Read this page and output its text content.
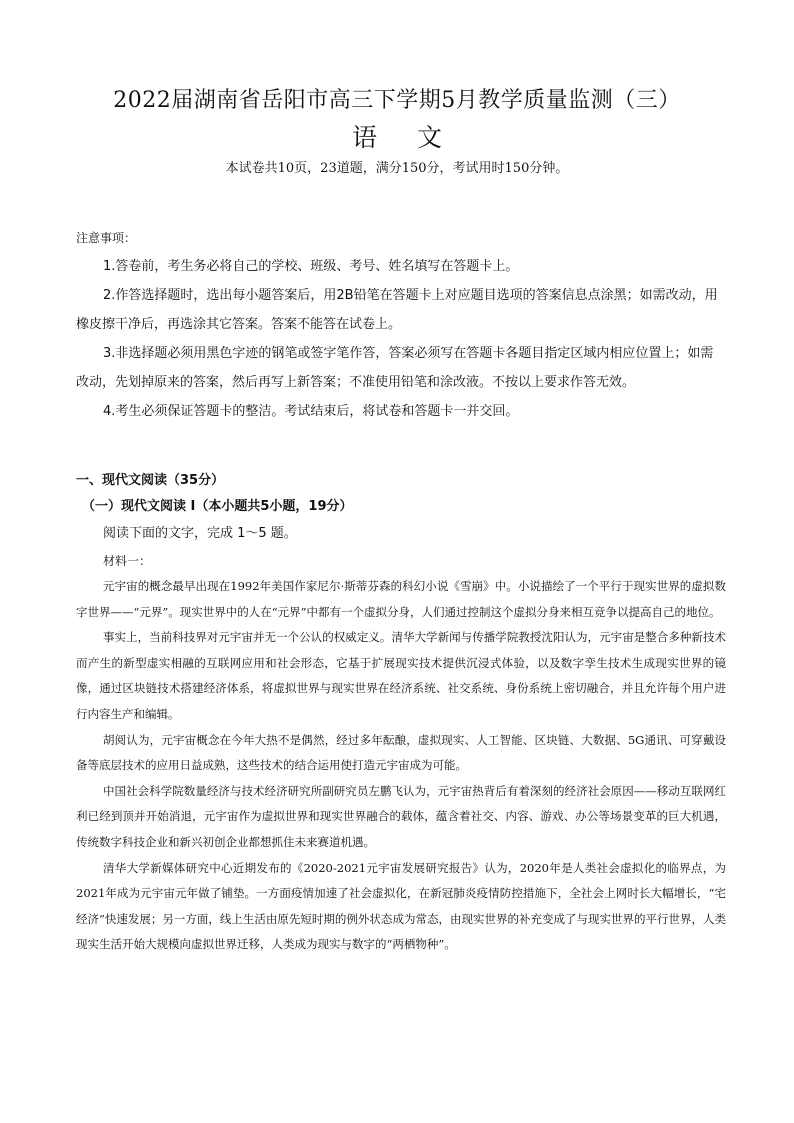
2022届湖南省岳阳市高三下学期5月教学质量监测（三）
语文
本试卷共10页，23道题，满分150分，考试用时150分钟。
注意事项：

1.答卷前，考生务必将自己的学校、班级、考号、姓名填写在答题卡上。

2.作答选择题时，选出每小题答案后，用2B铅笔在答题卡上对应题目选项的答案信息点涂黑；如需改动，用橡皮擦干净后，再选涂其它答案。答案不能答在试卷上。

3.非选择题必须用黑色字迹的钢笔或签字笔作答，答案必须写在答题卡各题目指定区域内相应位置上；如需改动，先划掉原来的答案，然后再写上新答案；不准使用铅笔和涂改液。不按以上要求作答无效。

4.考生必须保证答题卡的整洁。考试结束后，将试卷和答题卡一并交回。

一、现代文阅读（35分）
（一）现代文阅读 I（本小题共5小题，19分）
阅读下面的文字，完成 1～5 题。
材料一：

元宇宙的概念最早出现在1992年美国作家尼尔·斯蒂芬森的科幻小说《雪崩》中。小说描绘了一个平行于现实世界的虚拟数字世界——“元界”。现实世界中的人在“元界”中都有一个虚拟分身，人们通过控制这个虚拟分身来相互竞争以提高自己的地位。

事实上，当前科技界对元宇宙并无一个公认的权威定义。清华大学新闻与传播学院教授沈阳认为，元宇宙是整合多种新技术而产生的新型虚实相融的互联网应用和社会形态，它基于扩展现实技术提供沉浸式体验，以及数字孪生技术生成现实世界的镜像，通过区块链技术搭建经济体系，将虚拟世界与现实世界在经济系统、社交系统、身份系统上密切融合，并且允许每个用户进行内容生产和编辑。

胡阅认为，元宇宙概念在今年大热不是偶然，经过多年酝酿，虚拟现实、人工智能、区块链、大数据、5G通讯、可穿戴设备等底层技术的应用日益成熟，这些技术的结合运用使打造元宇宙成为可能。

中国社会科学院数量经济与技术经济研究所副研究员左鹏飞认为，元宇宙热背后有着深刻的经济社会原因——移动互联网红利已经到顶并开始消退，元宇宙作为虚拟世界和现实世界融合的载体，蕴含着社交、内容、游戏、办公等场景变革的巨大机遇，传统数字科技企业和新兴初创企业都想抓住未来赛道机遇。

清华大学新媒体研究中心近期发布的《2020-2021元宇宙发展研究报告》认为，2020年是人类社会虚拟化的临界点，为2021年成为元宇宙元年做了铺垫。一方面疫情加速了社会虚拟化，在新冠肺炎疫情防控措施下，全社会上网时长大幅增长，“宅经济”快速发展；另一方面，线上生活由原先短时期的例外状态成为常态，由现实世界的补充变成了与现实世界的平行世界，人类现实生活开始大规模向虚拟世界迁移，人类成为现实与数字的“两栖物种”。
